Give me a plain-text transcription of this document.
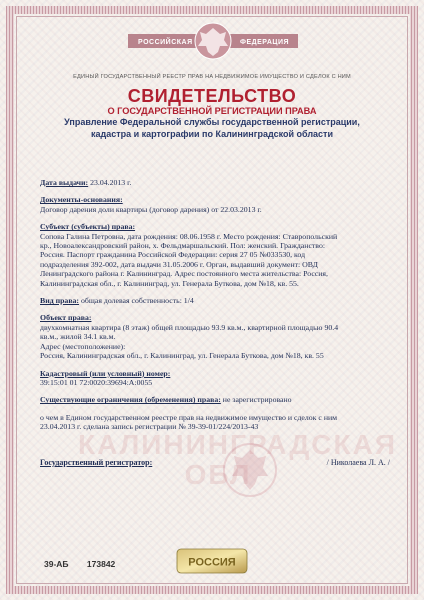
РОССИЙСКАЯ	ФЕДЕРАЦИЯ
ЕДИНЫЙ ГОСУДАРСТВЕННЫЙ РЕЕСТР ПРАВ НА НЕДВИЖИМОЕ ИМУЩЕСТВО И СДЕЛОК С НИМ
СВИДЕТЕЛЬСТВО
О ГОСУДАРСТВЕННОЙ РЕГИСТРАЦИИ ПРАВА
Управление Федеральной службы государственной регистрации,
кадастра и картографии по Калининградской области
Дата выдачи: 23.04.2013 г.
Документы-основания:
Договор дарения доли квартиры (договор дарения) от 22.03.2013 г.
Субъект (субъекты) права:
Сопова Галина Петровна, дата рождения: 08.06.1958 г. Место рождения: Ставропольский
кр., Новоалександровский район, х. Фельдмаршальский. Пол: женский. Гражданство:
Россия. Паспорт гражданина Российской Федерации: серия 27 05 №033530, код
подразделения 392-002, дата выдачи 31.05.2006 г. Орган, выдавший документ: ОВД
Ленинградского района г. Калининград. Адрес постоянного места жительства: Россия,
Калининградская обл., г. Калининград, ул. Генерала Буткова, дом №18, кв. 55.
Вид права: общая долевая собственность: 1/4
Объект права:
двухкомнатная квартира (8 этаж) общей площадью 93.9 кв.м., квартирной площадью 90.4
кв.м., жилой 34.1 кв.м.
Адрес (местоположение):
Россия, Калининградская обл., г. Калининград, ул. Генерала Буткова, дом №18, кв. 55
Кадастровый (или условный) номер:
39:15:01 01 72:0020:39694:А:0055
Существующие ограничения (обременения) права: не зарегистрировано
о чем в Едином государственном реестре прав на недвижимое имущество и сделок с ним
23.04.2013 г. сделана запись регистрации № 39-39-01/224/2013-43
КАЛИНИНГРАДСКАЯ
ОБЛ
Государственный регистратор:	/ Николаева Л. А. /
39-АБ 173842	РОССИЯ
